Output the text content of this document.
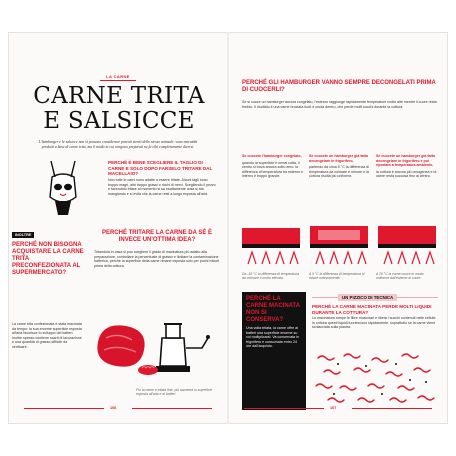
LA CARNE
CARNE TRITA E SALSICCE
L'hamburger e le salsicce non si possono considerare parenti stretti dello stesso animale: sono entrambi prodotti a base di carne trita, ma il modo in cui vengono preparati ne fa cibi completamente diversi.
PERCHÉ È BENE SCEGLIERE IL TAGLIO DI CARNE E SOLO DOPO FARSELO TRITARE DAL MACELLAIO?
Non tutte le carni sono adatte a essere tritate. Alcuni tagli sono troppo magri, altri troppo grassi o ricchi di nervi. Scegliendo il pezzo e facendolo tritare al momento si sa esattamente cosa si sta mangiando e si evita che la carne resti a lungo esposta all'aria.
PERCHÉ TRITARE LA CARNE DA SÉ È INVECE UN'OTTIMA IDEA?
Tritandola in casa si può scegliere il grado di macinatura più adatto alla preparazione, controllare la percentuale di grasso e limitare la contaminazione batterica, perché la superficie della carne rimane esposta solo per pochi minuti prima della cottura.
INOLTRE
PERCHÉ NON BISOGNA ACQUISTARE LA CARNE TRITA PRECONFEZIONATA AL SUPERMERCATO?
La carne trita confezionata è stata macinata da tempo: la sua enorme superficie esposta all'aria favorisce lo sviluppo dei batteri. Inoltre spesso contiene scarti di lavorazione e una quantità di grasso difficile da verificare.
Più la carne è tritata fine, più aumenta la superficie esposta all'aria e ai batteri.
106
PERCHÉ GLI HAMBURGER VANNO SEMPRE DECONGELATI PRIMA DI CUOCERLI?
Se si cuoce un hamburger ancora congelato, l'esterno raggiunge rapidamente temperature molto alte mentre il cuore resta freddo. Il risultato è una carne bruciata fuori e cruda dentro, che perde molti succhi durante la cottura.
Se cuocete l'hamburger congelato,
quando la superficie è ormai cotta, il centro si trova ancora sotto zero: la differenza di temperatura tra esterno e interno è troppo grande.
Se cuocete un hamburger già fatto decongelare in frigorifero,
partendo da circa 5 °C la differenza di temperatura da colmare è minore e la cottura risulta più uniforme.
Se cuocete un hamburger già fatto decongelare in frigorifero e poi riportato a temperatura ambiente,
la cottura è ancora più omogenea e la carne resta succosa fino al centro.
Da -18 °C la differenza di temperatura da colmare è molto elevata.
A 5 °C la differenza di temperatura si riduce notevolmente.
A 20 °C la carne cuoce in modo uniforme dall'esterno al cuore.
PERCHÉ LA CARNE MACINATA NON SI CONSERVA?
Una volta tritata, la carne offre ai batteri una superficie enorme su cui moltiplicarsi. Va conservata in frigorifero e consumata entro 24 ore dall'acquisto.
UN PIZZICO DI TECNICA
PERCHÉ LA CARNE MACINATA PERDE MOLTI LIQUIDI DURANTE LA COTTURA?
La macinatura rompe le fibre muscolari e libera i succhi contenuti nelle cellule: in cottura questi liquidi fuoriescono rapidamente, soprattutto se la carne viene schiacciata sulla piastra.
107
